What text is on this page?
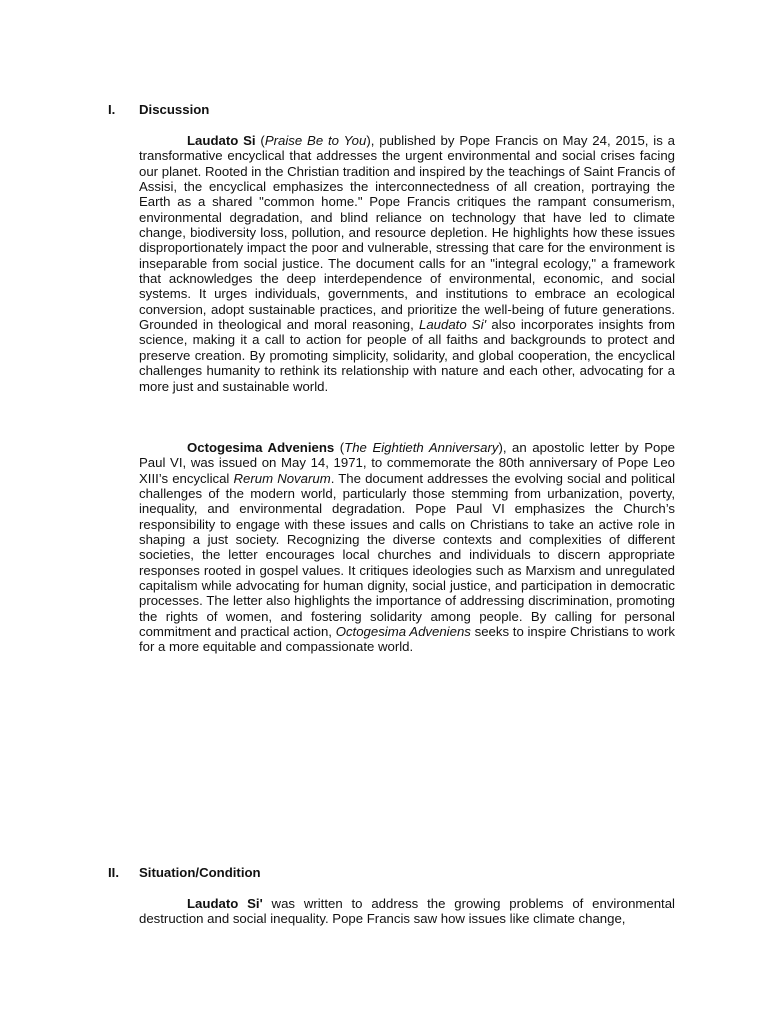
I. Discussion

Laudato Si (Praise Be to You), published by Pope Francis on May 24, 2015, is a transformative encyclical that addresses the urgent environmental and social crises facing our planet. Rooted in the Christian tradition and inspired by the teachings of Saint Francis of Assisi, the encyclical emphasizes the interconnectedness of all creation, portraying the Earth as a shared "common home." Pope Francis critiques the rampant consumerism, environmental degradation, and blind reliance on technology that have led to climate change, biodiversity loss, pollution, and resource depletion. He highlights how these issues disproportionately impact the poor and vulnerable, stressing that care for the environment is inseparable from social justice. The document calls for an "integral ecology," a framework that acknowledges the deep interdependence of environmental, economic, and social systems. It urges individuals, governments, and institutions to embrace an ecological conversion, adopt sustainable practices, and prioritize the well-being of future generations. Grounded in theological and moral reasoning, Laudato Si' also incorporates insights from science, making it a call to action for people of all faiths and backgrounds to protect and preserve creation. By promoting simplicity, solidarity, and global cooperation, the encyclical challenges humanity to rethink its relationship with nature and each other, advocating for a more just and sustainable world.

Octogesima Adveniens (The Eightieth Anniversary), an apostolic letter by Pope Paul VI, was issued on May 14, 1971, to commemorate the 80th anniversary of Pope Leo XIII’s encyclical Rerum Novarum. The document addresses the evolving social and political challenges of the modern world, particularly those stemming from urbanization, poverty, inequality, and environmental degradation. Pope Paul VI emphasizes the Church’s responsibility to engage with these issues and calls on Christians to take an active role in shaping a just society. Recognizing the diverse contexts and complexities of different societies, the letter encourages local churches and individuals to discern appropriate responses rooted in gospel values. It critiques ideologies such as Marxism and unregulated capitalism while advocating for human dignity, social justice, and participation in democratic processes. The letter also highlights the importance of addressing discrimination, promoting the rights of women, and fostering solidarity among people. By calling for personal commitment and practical action, Octogesima Adveniens seeks to inspire Christians to work for a more equitable and compassionate world.

II. Situation/Condition

Laudato Si' was written to address the growing problems of environmental destruction and social inequality. Pope Francis saw how issues like climate change,
